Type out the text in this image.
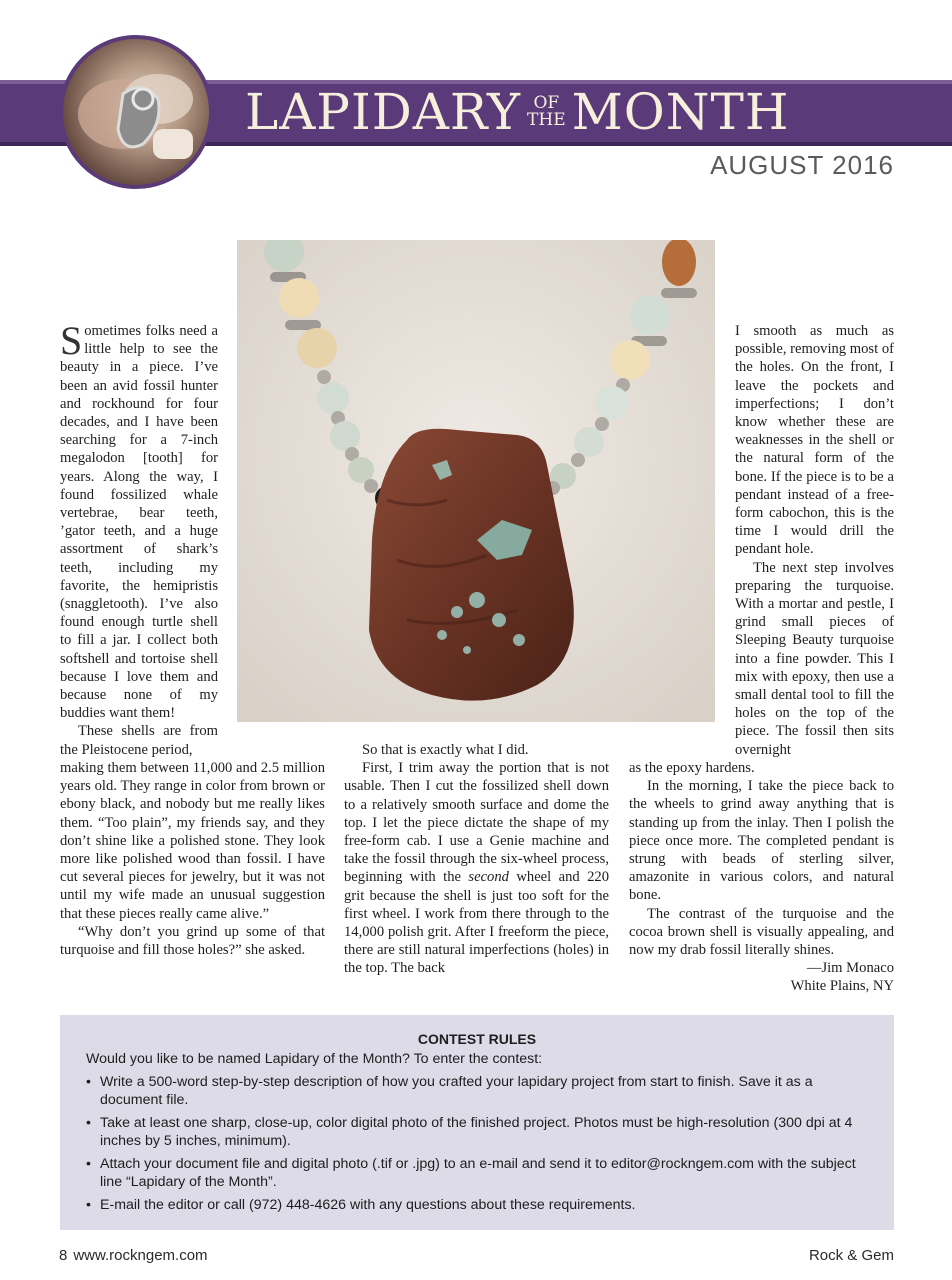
LAPIDARY OF
THE MONTH
AUGUST 2016

Sometimes folks need a little help to see the beauty in a piece. I’ve been an avid fossil hunter and rockhound for four decades, and I have been searching for a 7-inch megalodon [tooth] for years. Along the way, I found fossilized whale vertebrae, bear teeth, ’gator teeth, and a huge assortment of shark’s teeth, including my favorite, the hemipristis (snaggletooth). I’ve also found enough turtle shell to fill a jar. I collect both softshell and tortoise shell because I love them and because none of my buddies want them!

These shells are from the Pleistocene period,

making them between 11,000 and 2.5 million years old. They range in color from brown or ebony black, and nobody but me really likes them. “Too plain”, my friends say, and they don’t shine like a polished stone. They look more like polished wood than fossil. I have cut several pieces for jewelry, but it was not until my wife made an unusual suggestion that these pieces really came alive.”

“Why don’t you grind up some of that turquoise and fill those holes?” she asked.

So that is exactly what I did.

First, I trim away the portion that is not usable. Then I cut the fossilized shell down to a relatively smooth surface and dome the top. I let the piece dictate the shape of my free-form cab. I use a Genie machine and take the fossil through the six-wheel process, beginning with the second wheel and 220 grit because the shell is just too soft for the first wheel. I work from there through to the 14,000 polish grit. After I freeform the piece, there are still natural imperfections (holes) in the top. The back

I smooth as much as possible, removing most of the holes. On the front, I leave the pockets and imperfections; I don’t know whether these are weaknesses in the shell or the natural form of the bone. If the piece is to be a pendant instead of a free-form cabochon, this is the time I would drill the pendant hole.

The next step involves preparing the turquoise. With a mortar and pestle, I grind small pieces of Sleeping Beauty turquoise into a fine powder. This I mix with epoxy, then use a small dental tool to fill the holes on the top of the piece. The fossil then sits overnight

as the epoxy hardens.

In the morning, I take the piece back to the wheels to grind away anything that is standing up from the inlay. Then I polish the piece once more. The completed pendant is strung with beads of sterling silver, amazonite in various colors, and natural bone.

The contrast of the turquoise and the cocoa brown shell is visually appealing, and now my drab fossil literally shines.

—Jim Monaco
White Plains, NY
CONTEST RULES

Would you like to be named Lapidary of the Month? To enter the contest:

• Write a 500-word step-by-step description of how you crafted your lapidary project from start to finish. Save it as a document file.
• Take at least one sharp, close-up, color digital photo of the finished project. Photos must be high-resolution (300 dpi at 4 inches by 5 inches, minimum).
• Attach your document file and digital photo (.tif or .jpg) to an e-mail and send it to editor@rockngem.com with the subject line “Lapidary of the Month”.
• E-mail the editor or call (972) 448-4626 with any questions about these requirements.
8 www.rockngem.com	Rock & Gem
